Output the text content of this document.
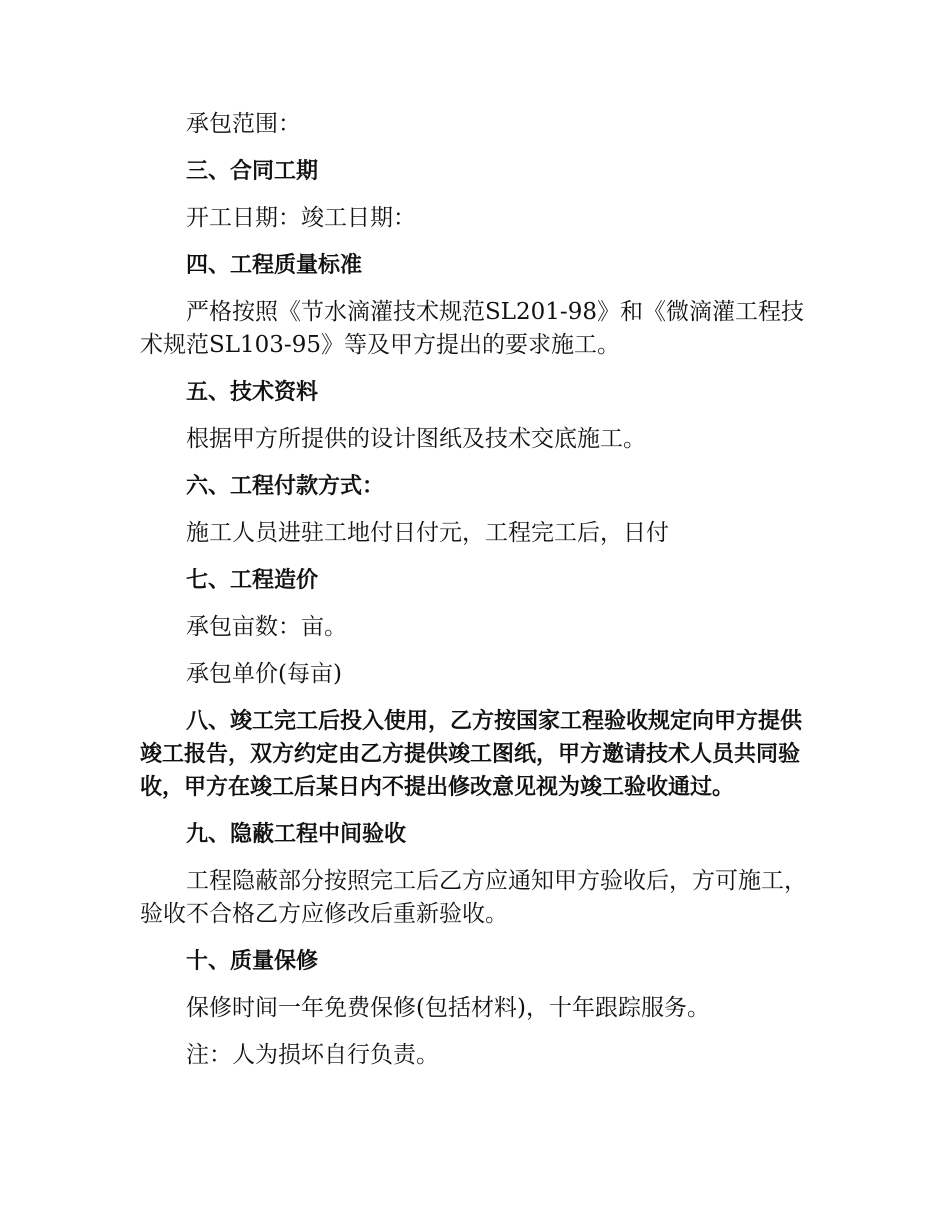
承包范围：

三、合同工期

开工日期：竣工日期：

四、工程质量标准

严格按照《节水滴灌技术规范SL201-98》和《微滴灌工程技术规范SL103-95》等及甲方提出的要求施工。

五、技术资料

根据甲方所提供的设计图纸及技术交底施工。

六、工程付款方式：

施工人员进驻工地付日付元，工程完工后，日付

七、工程造价

承包亩数：亩。

承包单价(每亩)

八、竣工完工后投入使用，乙方按国家工程验收规定向甲方提供竣工报告，双方约定由乙方提供竣工图纸，甲方邀请技术人员共同验收，甲方在竣工后某日内不提出修改意见视为竣工验收通过。

九、隐蔽工程中间验收

工程隐蔽部分按照完工后乙方应通知甲方验收后，方可施工，验收不合格乙方应修改后重新验收。

十、质量保修

保修时间一年免费保修(包括材料)，十年跟踪服务。

注：人为损坏自行负责。
